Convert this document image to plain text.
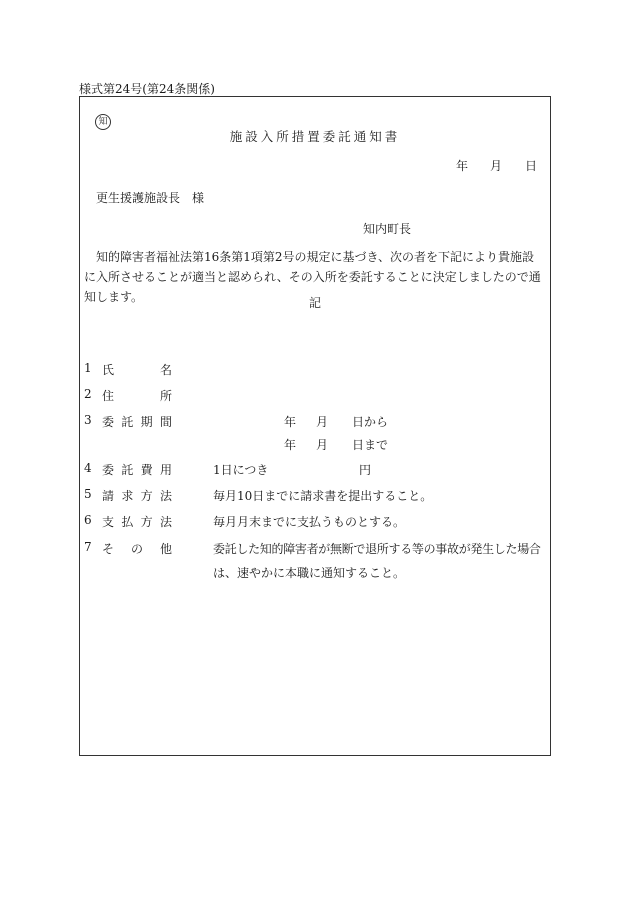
様式第24号(第24条関係)
知
施設入所措置委託通知書
年 月 日
更生援護施設長　様
知内町長
知的障害者福祉法第16条第1項第2号の規定に基づき、次の者を下記により貴施設に入所させることが適当と認められ、その入所を委託することに決定しましたので通知します。	記
1 氏	名
2 住	所
3 委 託 期 間	年 月 日から
年 月 日まで
4 委 託 費 用	1日につき	円
5 請 求 方 法	毎月10日までに請求書を提出すること。
6 支 払 方 法	毎月月末までに支払うものとする。
7 そ の 他	委託した知的障害者が無断で退所する等の事故が発生した場合
は、速やかに本職に通知すること。
